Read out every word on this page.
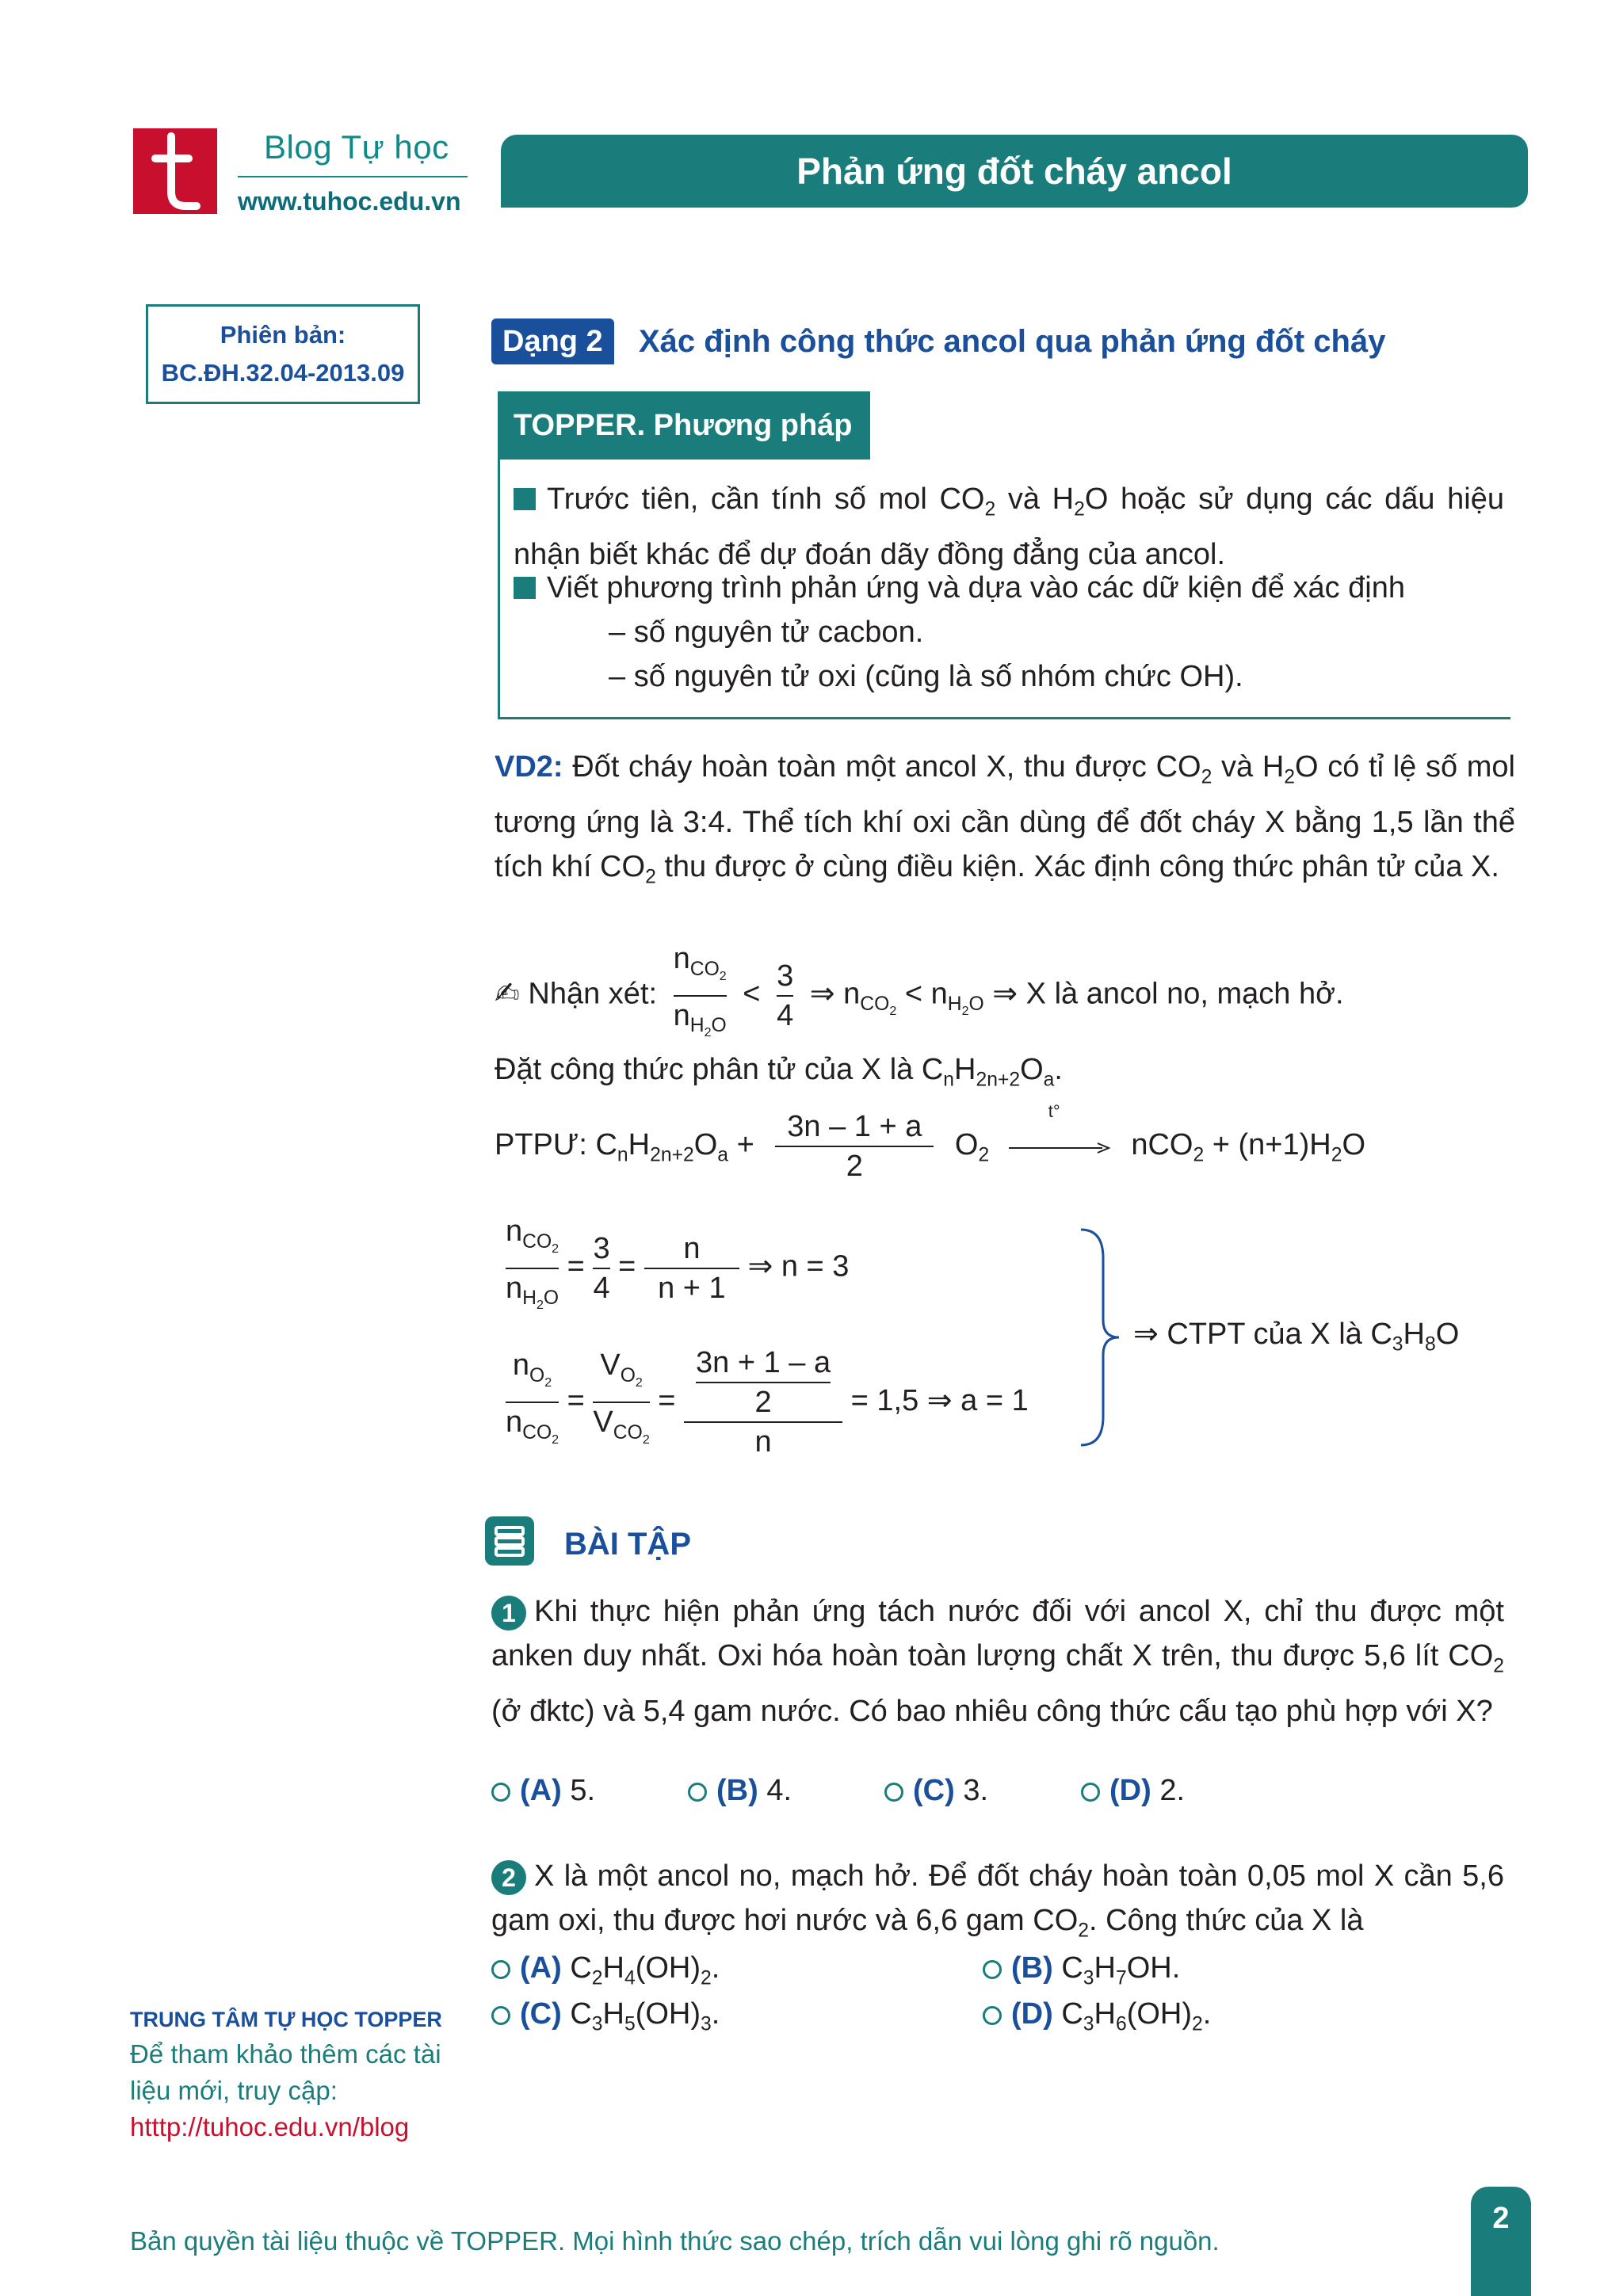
Blog Tự học
www.tuhoc.edu.vn
Phản ứng đốt cháy ancol
Phiên bản:
BC.ĐH.32.04-2013.09
Dạng 2	Xác định công thức ancol qua phản ứng đốt cháy
TOPPER. Phương pháp
Trước tiên, cần tính số mol $CO_2$ và $H_2O$ hoặc sử dụng các dấu hiệu nhận biết khác để dự đoán dãy đồng đẳng của ancol.
Viết phương trình phản ứng và dựa vào các dữ kiện để xác định
– số nguyên tử cacbon.
– số nguyên tử oxi (cũng là số nhóm chức OH).
VD2: Đốt cháy hoàn toàn một ancol X, thu được $CO_2$ và $H_2O$ có tỉ lệ số mol tương ứng là 3:4. Thể tích khí oxi cần dùng để đốt cháy X bằng 1,5 lần thể tích khí $CO_2$ thu được ở cùng điều kiện. Xác định công thức phân tử của X.
✍ Nhận xét: $\frac{n_{CO_2}}{n_{H_2O}} < \frac{3}{4}$ ⇒ $n_{CO_2} < n_{H_2O}$ ⇒ X là ancol no, mạch hở.
Đặt công thức phân tử của X là $C_nH_{2n+2}O_a$.
PTPƯ: $C_nH_{2n+2}O_a + \frac{3n - 1 + a}{2} O_2$
t°
$nCO_2 + (n+1)H_2O$
$\frac{n_{CO_2}}{n_{H_2O}} = \frac{3}{4} = \frac{n}{n + 1}$ ⇒ n = 3
$\frac{n_{O_2}}{n_{CO_2}} = \frac{V_{O_2}}{V_{CO_2}} = \frac{\frac{3n + 1 - a}{2}}{n} = 1,5$ ⇒ a = 1
⇒ CTPT của X là $C_3H_8O$
BÀI TẬP
1 Khi thực hiện phản ứng tách nước đối với ancol X, chỉ thu được một anken duy nhất. Oxi hóa hoàn toàn lượng chất X trên, thu được 5,6 lít $CO_2$ (ở đktc) và 5,4 gam nước. Có bao nhiêu công thức cấu tạo phù hợp với X?
(A) 5.	(B) 4.	(C) 3.	(D) 2.
2 X là một ancol no, mạch hở. Để đốt cháy hoàn toàn 0,05 mol X cần 5,6 gam oxi, thu được hơi nước và 6,6 gam $CO_2$. Công thức của X là
(A) $C_2H_4(OH)_2$.	(B) $C_3H_7OH$.
(C) $C_3H_5(OH)_3$.	(D) $C_3H_6(OH)_2$.
TRUNG TÂM TỰ HỌC TOPPER
Để tham khảo thêm các tài liệu mới, truy cập:
htttp://tuhoc.edu.vn/blog
Bản quyền tài liệu thuộc về TOPPER. Mọi hình thức sao chép, trích dẫn vui lòng ghi rõ nguồn.
2
